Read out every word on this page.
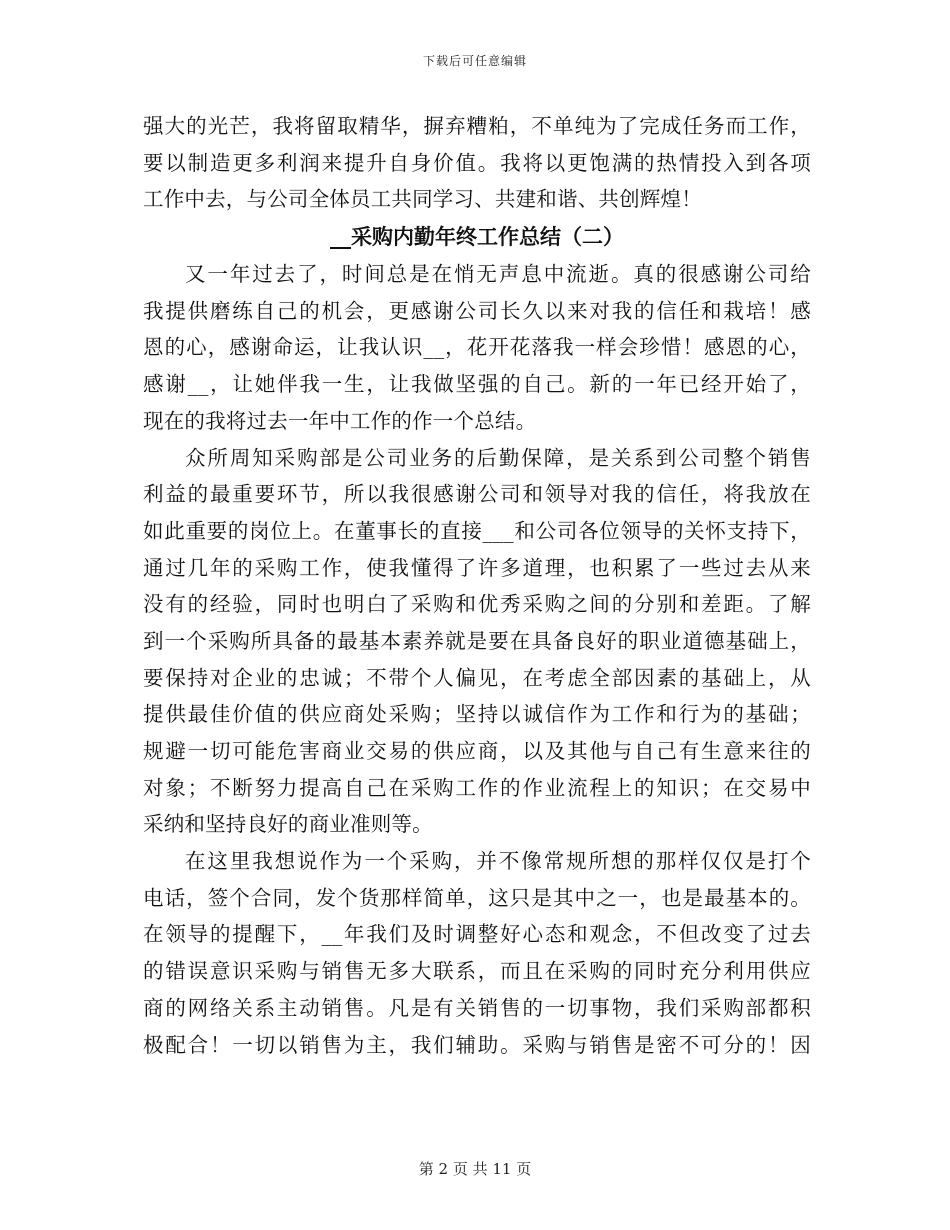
下载后可任意编辑
强大的光芒，我将留取精华，摒弃糟粕，不单纯为了完成任务而工作，
要以制造更多利润来提升自身价值。我将以更饱满的热情投入到各项
工作中去，与公司全体员工共同学习、共建和谐、共创辉煌！
__采购内勤年终工作总结（二）
又一年过去了，时间总是在悄无声息中流逝。真的很感谢公司给
我提供磨练自己的机会，更感谢公司长久以来对我的信任和栽培！感
恩的心，感谢命运，让我认识__，花开花落我一样会珍惜！感恩的心，
感谢__，让她伴我一生，让我做坚强的自己。新的一年已经开始了，
现在的我将过去一年中工作的作一个总结。
众所周知采购部是公司业务的后勤保障，是关系到公司整个销售
利益的最重要环节，所以我很感谢公司和领导对我的信任，将我放在
如此重要的岗位上。在董事长的直接___和公司各位领导的关怀支持下，
通过几年的采购工作，使我懂得了许多道理，也积累了一些过去从来
没有的经验，同时也明白了采购和优秀采购之间的分别和差距。了解
到一个采购所具备的最基本素养就是要在具备良好的职业道德基础上，
要保持对企业的忠诚；不带个人偏见，在考虑全部因素的基础上，从
提供最佳价值的供应商处采购；坚持以诚信作为工作和行为的基础；
规避一切可能危害商业交易的供应商，以及其他与自己有生意来往的
对象；不断努力提高自己在采购工作的作业流程上的知识；在交易中
采纳和坚持良好的商业准则等。
在这里我想说作为一个采购，并不像常规所想的那样仅仅是打个
电话，签个合同，发个货那样简单，这只是其中之一，也是最基本的。
在领导的提醒下，__年我们及时调整好心态和观念，不但改变了过去
的错误意识采购与销售无多大联系，而且在采购的同时充分利用供应
商的网络关系主动销售。凡是有关销售的一切事物，我们采购部都积
极配合！一切以销售为主，我们辅助。采购与销售是密不可分的！因
第 2 页 共 11 页
